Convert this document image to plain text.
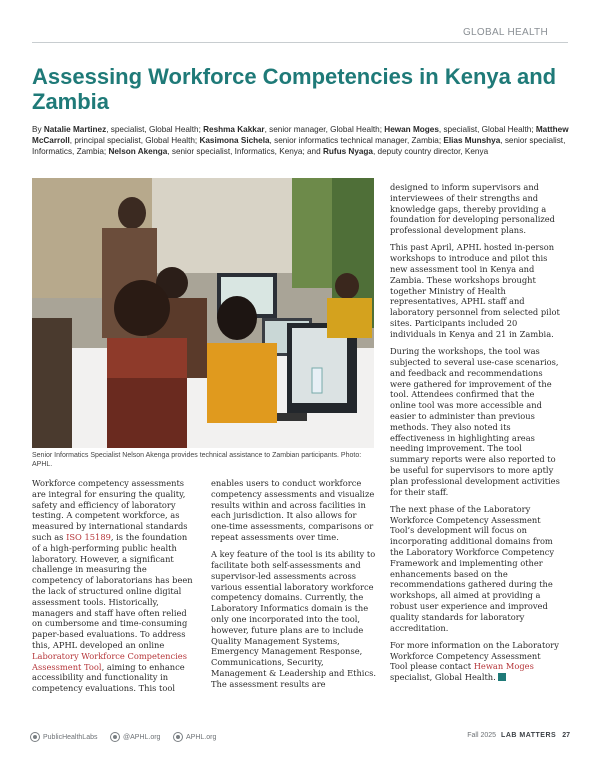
GLOBAL HEALTH
Assessing Workforce Competencies in Kenya and Zambia
By Natalie Martinez, specialist, Global Health; Reshma Kakkar, senior manager, Global Health; Hewan Moges, specialist, Global Health; Matthew McCarroll, principal specialist, Global Health; Kasimona Sichela, senior informatics technical manager, Zambia; Elias Munshya, senior specialist, Informatics, Zambia; Nelson Akenga, senior specialist, Informatics, Kenya; and Rufus Nyaga, deputy country director, Kenya
Senior Informatics Specialist Nelson Akenga provides technical assistance to Zambian participants. Photo: APHL.

Workforce competency assessments are integral for ensuring the quality, safety and efficiency of laboratory testing. A competent workforce, as measured by international standards such as ISO 15189, is the foundation of a high-performing public health laboratory. However, a significant challenge in measuring the competency of laboratorians has been the lack of structured online digital assessment tools. Historically, managers and staff have often relied on cumbersome and time-consuming paper-based evaluations. To address this, APHL developed an online Laboratory Workforce Competencies Assessment Tool, aiming to enhance accessibility and functionality in competency evaluations. This tool

enables users to conduct workforce competency assessments and visualize results within and across facilities in each jurisdiction. It also allows for one-time assessments, comparisons or repeat assessments over time.

A key feature of the tool is its ability to facilitate both self-assessments and supervisor-led assessments across various essential laboratory workforce competency domains. Currently, the Laboratory Informatics domain is the only one incorporated into the tool, however, future plans are to include Quality Management Systems, Emergency Management Response, Communications, Security, Management & Leadership and Ethics. The assessment results are

designed to inform supervisors and interviewees of their strengths and knowledge gaps, thereby providing a foundation for developing personalized professional development plans.

This past April, APHL hosted in-person workshops to introduce and pilot this new assessment tool in Kenya and Zambia. These workshops brought together Ministry of Health representatives, APHL staff and laboratory personnel from selected pilot sites. Participants included 20 individuals in Kenya and 21 in Zambia.

During the workshops, the tool was subjected to several use-case scenarios, and feedback and recommendations were gathered for improvement of the tool. Attendees confirmed that the online tool was more accessible and easier to administer than previous methods. They also noted its effectiveness in highlighting areas needing improvement. The tool summary reports were also reported to be useful for supervisors to more aptly plan professional development activities for their staff.

The next phase of the Laboratory Workforce Competency Assessment Tool’s development will focus on incorporating additional domains from the Laboratory Workforce Competency Framework and implementing other enhancements based on the recommendations gathered during the workshops, all aimed at providing a robust user experience and improved quality standards for laboratory accreditation.

For more information on the Laboratory Workforce Competency Assessment Tool please contact Hewan Moges specialist, Global Health.

PublicHealthLabs	@APHL.org	APHL.org	Fall 2025 LAB MATTERS 27
